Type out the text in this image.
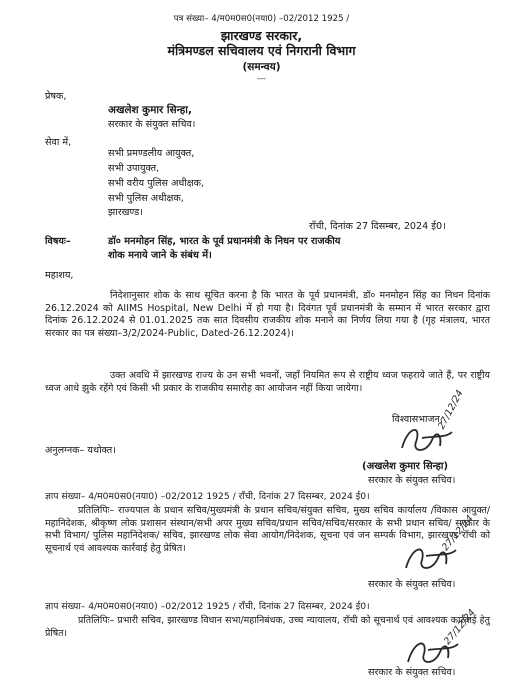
पत्र संख्या– 4/म0म0स0(नया0) –02/2012 1925 /
झारखण्ड सरकार,
मंत्रिमण्डल सचिवालय एवं निगरानी विभाग
(समन्वय)
---
प्रेषक,
अखलेश कुमार सिन्हा,
सरकार के संयुक्त सचिव।
सेवा में,
सभी प्रमण्डलीय आयुक्त,
सभी उपायुक्त,
सभी वरीय पुलिस अधीक्षक,
सभी पुलिस अधीक्षक,
झारखण्ड।
राँची, दिनांक 27 दिसम्बर, 2024 ई0।
विषयः–	डॉ० मनमोहन सिंह, भारत के पूर्व प्रधानमंत्री के निधन पर राजकीय
शोक मनाये जाने के संबंध में।
महाशय,
निदेशानुसार शोक के साथ सूचित करना है कि भारत के पूर्व प्रधानमंत्री, डॉ० मनमोहन सिंह का निधन दिनांक 26.12.2024 को AIIMS Hospital, New Delhi में हो गया है। दिवंगत पूर्व प्रधानमंत्री के सम्मान में भारत सरकार द्वारा दिनांक 26.12.2024 से 01.01.2025 तक सात दिवसीय राजकीय शोक मनाने का निर्णय लिया गया है (गृह मंत्रालय, भारत सरकार का पत्र संख्या–3/2/2024-Public, Dated-26.12.2024)।
उक्त अवधि में झारखण्ड राज्य के उन सभी भवनों, जहाँ नियमित रूप से राष्ट्रीय ध्वज फहराये जाते हैं, पर राष्ट्रीय ध्वज आधे झुके रहेंगे एवं किसी भी प्रकार के राजकीय समारोह का आयोजन नहीं किया जायेगा।
विश्वासभाजन,
27/12/24
(अखलेश कुमार सिन्हा)
सरकार के संयुक्त सचिव।
अनुलग्नक– यथोक्त।
ज्ञाप संख्या– 4/म0म0स0(नया0) –02/2012 1925 / राँची, दिनांक 27 दिसम्बर, 2024 ई0।
प्रतिलिपिः– राज्यपाल के प्रधान सचिव/मुख्यमंत्री के प्रधान सचिव/संयुक्त सचिव, मुख्य सचिव कार्यालय /विकास आयुक्त/महानिदेशक, श्रीकृष्ण लोक प्रशासन संस्थान/सभी अपर मुख्य सचिव/प्रधान सचिव/सचिव/सरकार के सभी प्रधान सचिव/ सरकार के सभी विभाग/ पुलिस महानिदेशक/ सचिव, झारखण्ड लोक सेवा आयोग/निदेशक, सूचना एवं जन सम्पर्क विभाग, झारखण्ड राँची को सूचनार्थ एवं आवश्यक कार्रवाई हेतु प्रेषित।	27/12/24
सरकार के संयुक्त सचिव।
ज्ञाप संख्या– 4/म0म0स0(नया0) –02/2012 1925 / राँची, दिनांक 27 दिसम्बर, 2024 ई0।
प्रतिलिपिः– प्रभारी सचिव, झारखण्ड विधान सभा/महानिबंधक, उच्च न्यायालय, राँची को सूचनार्थ एवं आवश्यक कार्रवाई हेतु प्रेषित।	27/12/24
सरकार के संयुक्त सचिव।
